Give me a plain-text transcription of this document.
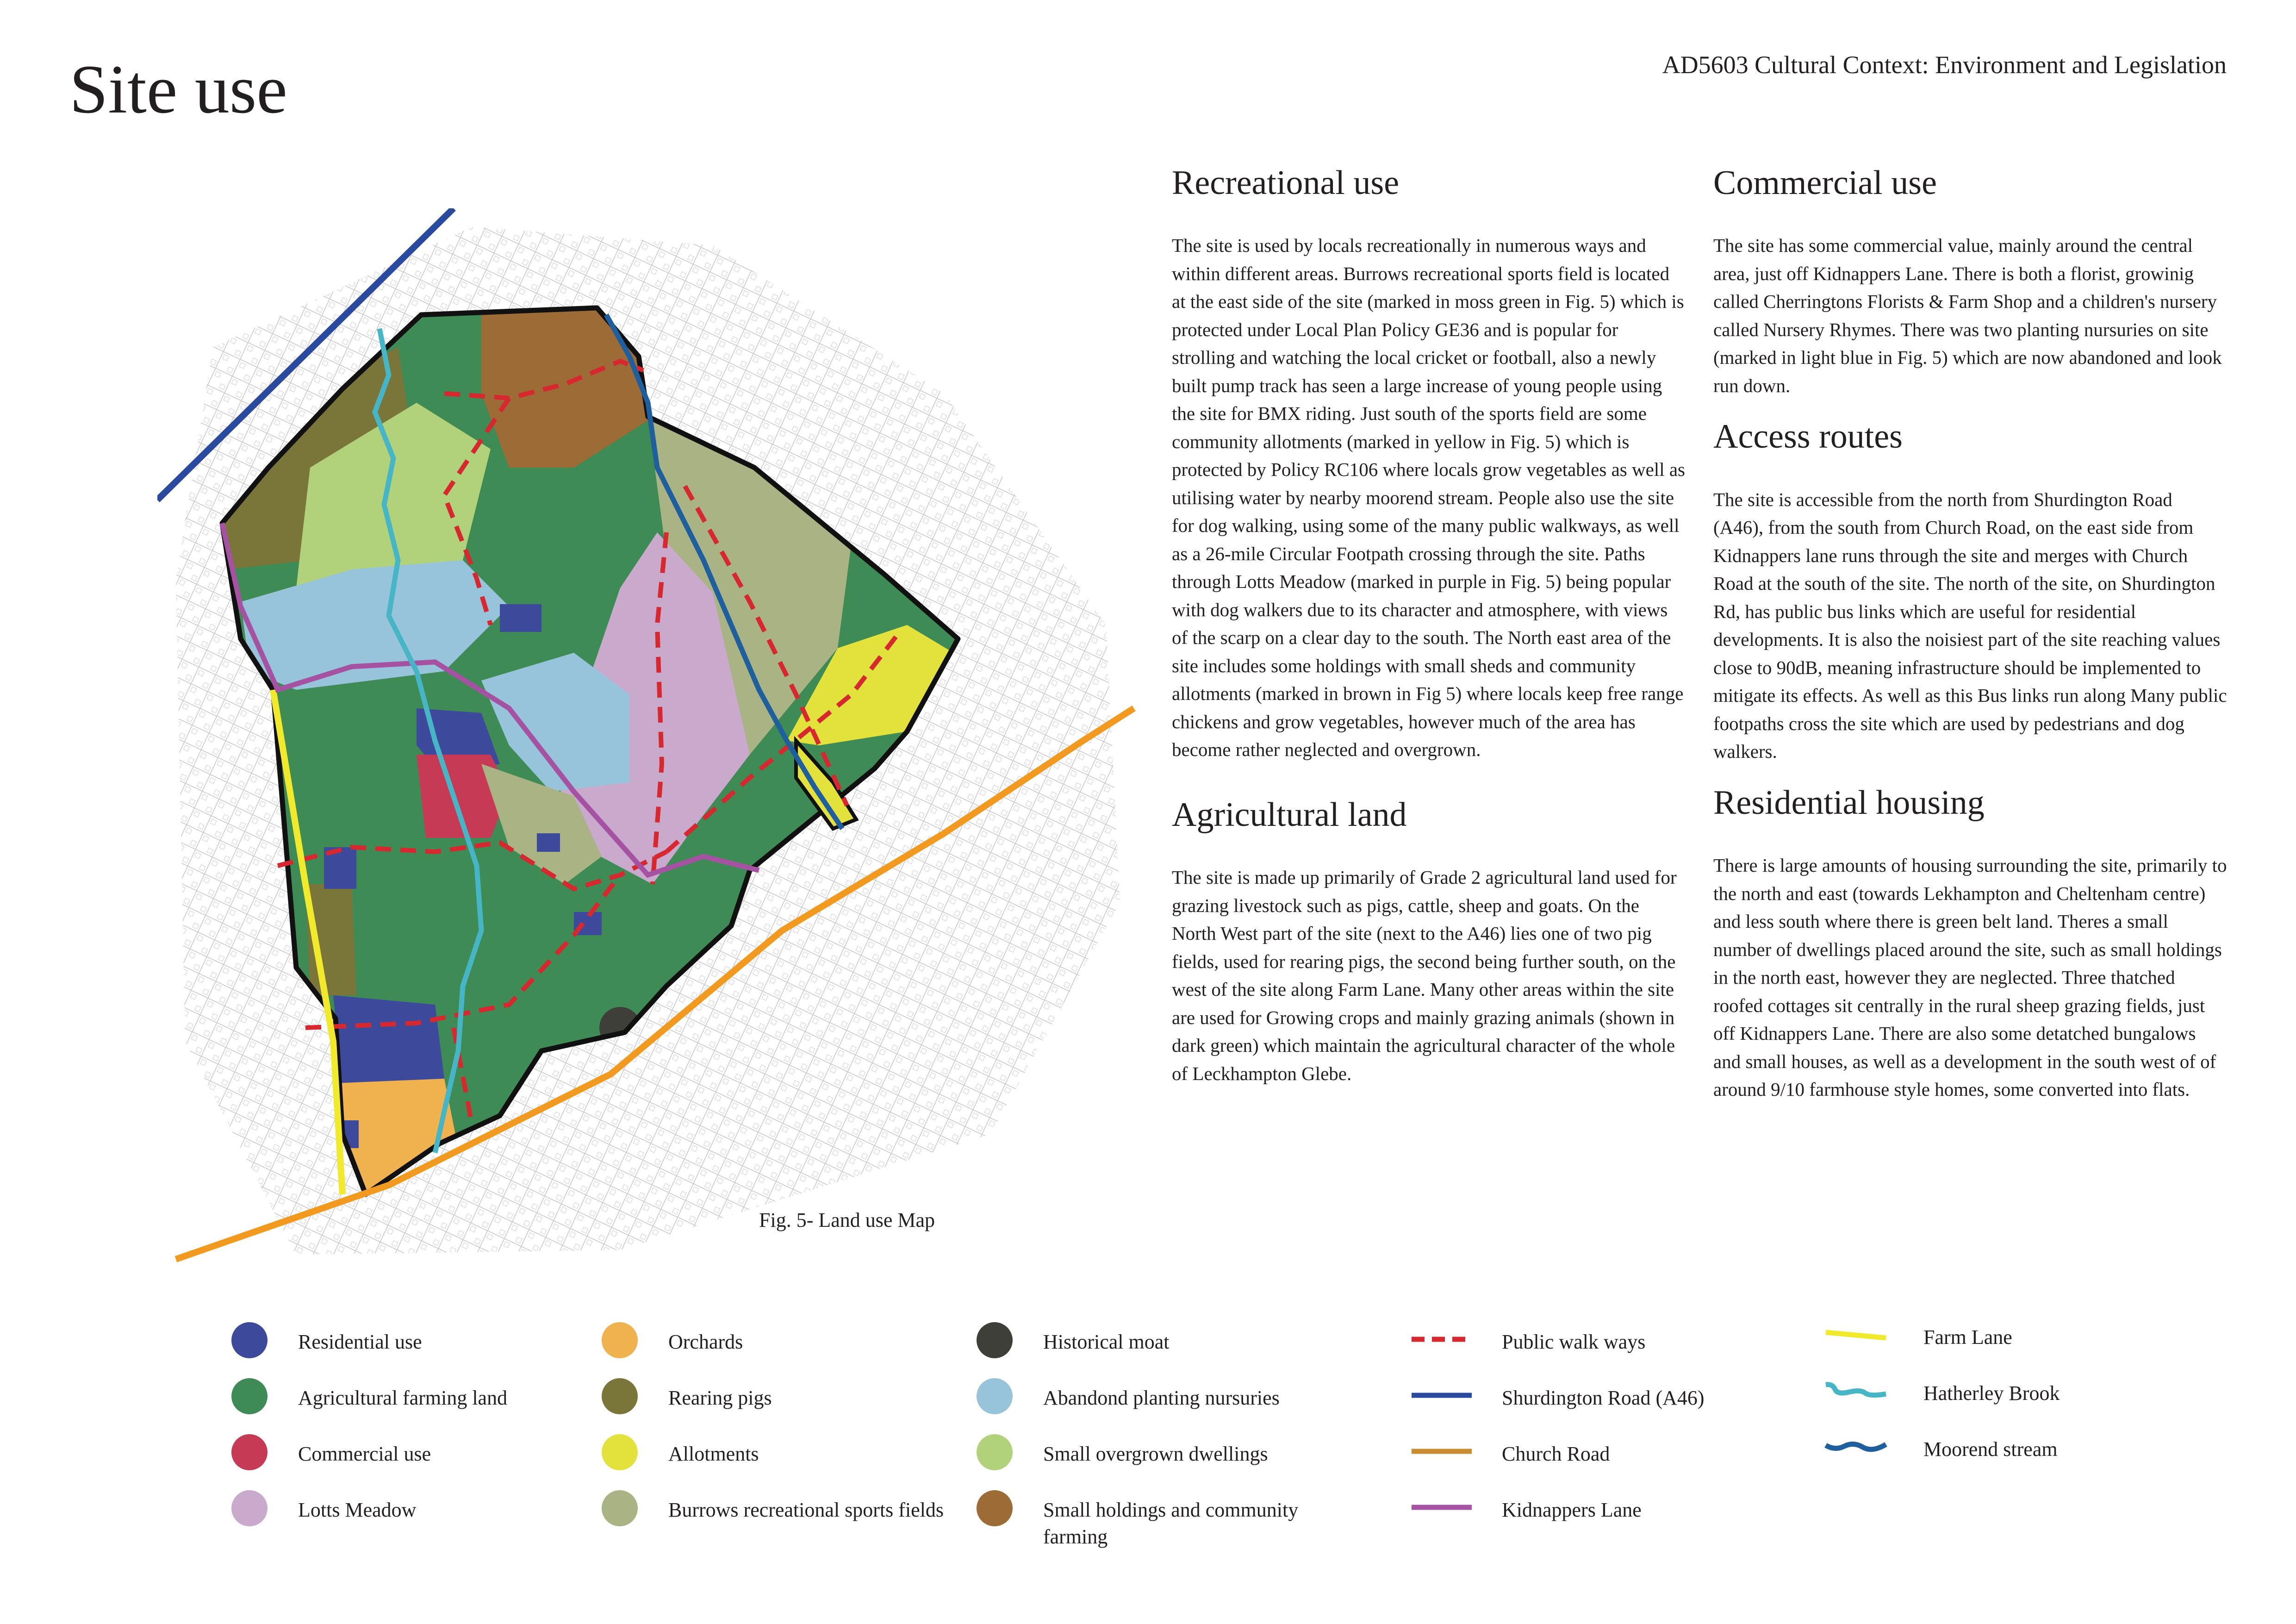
Site use	AD5603 Cultural Context: Environment and Legislation
Fig. 5- Land use Map
Recreational use

The site is used by locals recreationally in numerous ways and within different areas. Burrows recreational sports field is located at the east side of the site (marked in moss green in Fig. 5) which is protected under Local Plan Policy GE36 and is popular for strolling and watching the local cricket or football, also a newly built pump track has seen a large increase of young people using the site for BMX riding. Just south of the sports field are some community allotments (marked in yellow in Fig. 5) which is protected by Policy RC106 where locals grow vegetables as well as utilising water by nearby moorend stream. People also use the site for dog walking, using some of the many public walkways, as well as a 26-mile Circular Footpath crossing through the site. Paths through Lotts Meadow (marked in purple in Fig. 5) being popular with dog walkers due to its character and atmosphere, with views of the scarp on a clear day to the south. The North east area of the site includes some holdings with small sheds and community allotments (marked in brown in Fig 5) where locals keep free range chickens and grow vegetables, however much of the area has become rather neglected and overgrown.

Agricultural land

The site is made up primarily of Grade 2 agricultural land used for grazing livestock such as pigs, cattle, sheep and goats. On the North West part of the site (next to the A46) lies one of two pig fields, used for rearing pigs, the second being further south, on the west of the site along Farm Lane. Many other areas within the site are used for Growing crops and mainly grazing animals (shown in dark green) which maintain the agricultural character of the whole of Leckhampton Glebe.

Commercial use

The site has some commercial value, mainly around the central area, just off Kidnappers Lane. There is both a florist, growinig called Cherringtons Florists & Farm Shop and a children's nursery called Nursery Rhymes. There was two planting nursuries on site (marked in light blue in Fig. 5) which are now abandoned and look run down.

Access routes

The site is accessible from the north from Shurdington Road (A46), from the south from Church Road, on the east side from Kidnappers lane runs through the site and merges with Church Road at the south of the site. The north of the site, on Shurdington Rd, has public bus links which are useful for residential developments. It is also the noisiest part of the site reaching values close to 90dB, meaning infrastructure should be implemented to mitigate its effects. As well as this Bus links run along Many public footpaths cross the site which are used by pedestrians and dog walkers.

Residential housing

There is large amounts of housing surrounding the site, primarily to the north and east (towards Lekhampton and Cheltenham centre) and less south where there is green belt land. Theres a small number of dwellings placed around the site, such as small holdings in the north east, however they are neglected. Three thatched roofed cottages sit centrally in the rural sheep grazing fields, just off Kidnappers Lane. There are also some detatched bungalows and small houses, as well as a development in the south west of of around 9/10 farmhouse style homes, some converted into flats.

Residential use
Agricultural farming land
Commercial use
Lotts Meadow
Orchards
Rearing pigs
Allotments
Burrows recreational sports fields
Historical moat
Abandond planting nursuries
Small overgrown dwellings
Small holdings and community farming
Public walk ways
Shurdington Road (A46)
Church Road
Kidnappers Lane
Farm Lane
Hatherley Brook
Moorend stream
